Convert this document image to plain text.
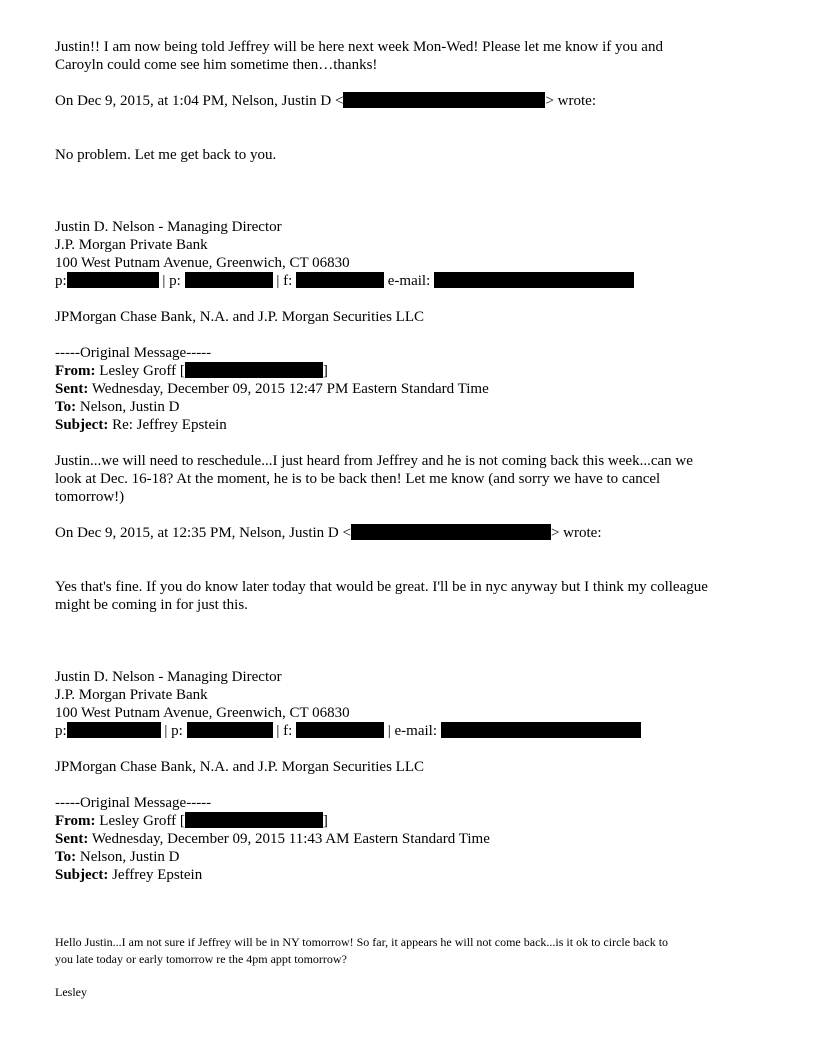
Justin!! I am now being told Jeffrey will be here next week Mon-Wed! Please let me know if you and
Caroyln could come see him sometime then…thanks!
On Dec 9, 2015, at 1:04 PM, Nelson, Justin D <	> wrote:
No problem. Let me get back to you.
Justin D. Nelson - Managing Director
J.P. Morgan Private Bank
100 West Putnam Avenue, Greenwich, CT 06830
p:	| p:	| f:	e-mail:
JPMorgan Chase Bank, N.A. and J.P. Morgan Securities LLC
-----Original Message-----
From: Lesley Groff [	]
Sent: Wednesday, December 09, 2015 12:47 PM Eastern Standard Time
To: Nelson, Justin D
Subject: Re: Jeffrey Epstein
Justin...we will need to reschedule...I just heard from Jeffrey and he is not coming back this week...can we
look at Dec. 16-18? At the moment, he is to be back then! Let me know (and sorry we have to cancel
tomorrow!)
On Dec 9, 2015, at 12:35 PM, Nelson, Justin D <	> wrote:
Yes that's fine. If you do know later today that would be great. I'll be in nyc anyway but I think my colleague
might be coming in for just this.
Justin D. Nelson - Managing Director
J.P. Morgan Private Bank
100 West Putnam Avenue, Greenwich, CT 06830
p:	| p:	| f:	| e-mail:
JPMorgan Chase Bank, N.A. and J.P. Morgan Securities LLC
-----Original Message-----
From: Lesley Groff [	]
Sent: Wednesday, December 09, 2015 11:43 AM Eastern Standard Time
To: Nelson, Justin D
Subject: Jeffrey Epstein
Hello Justin...I am not sure if Jeffrey will be in NY tomorrow! So far, it appears he will not come back...is it ok to circle back to
you late today or early tomorrow re the 4pm appt tomorrow?
Lesley
